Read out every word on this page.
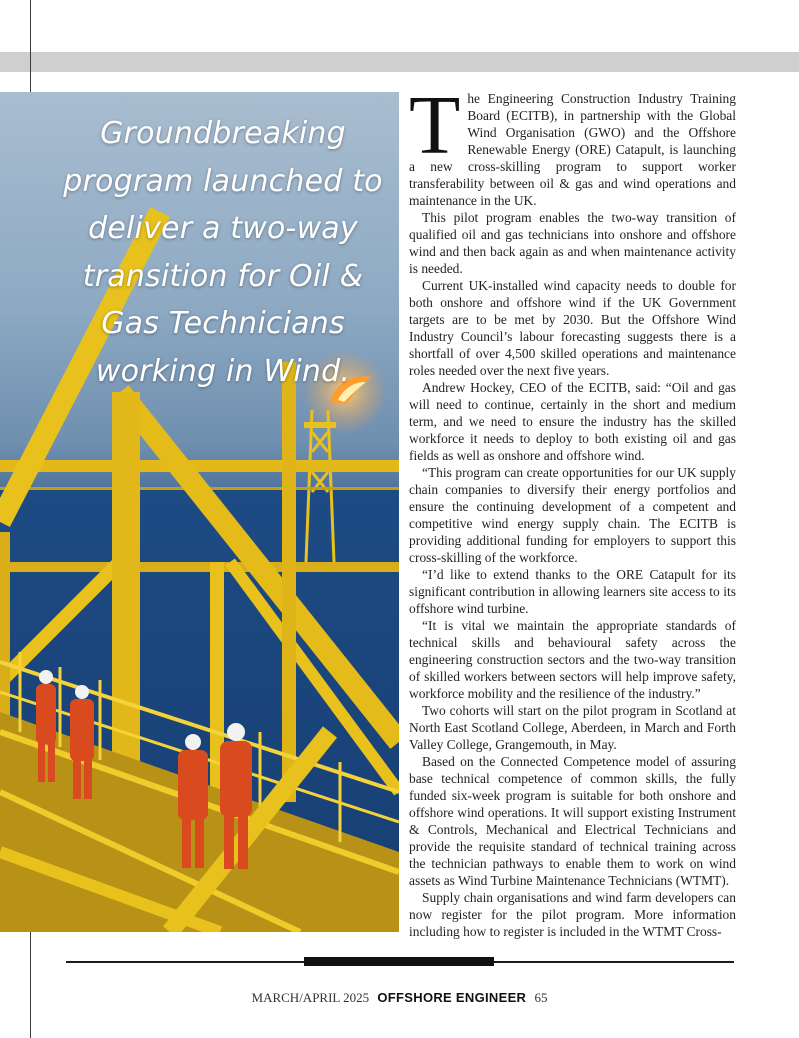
Groundbreaking program launched to deliver a two-way transition for Oil & Gas Technicians working in Wind.

The Engineering Construction Industry Training Board (ECITB), in partnership with the Global Wind Organisation (GWO) and the Offshore Renewable Energy (ORE) Catapult, is launching a new cross-skilling program to support worker transferability between oil & gas and wind operations and maintenance in the UK.

This pilot program enables the two-way transition of qualified oil and gas technicians into onshore and offshore wind and then back again as and when maintenance activity is needed.

Current UK-installed wind capacity needs to double for both onshore and offshore wind if the UK Government targets are to be met by 2030. But the Offshore Wind Industry Council’s labour forecasting suggests there is a shortfall of over 4,500 skilled operations and maintenance roles needed over the next five years.

Andrew Hockey, CEO of the ECITB, said: “Oil and gas will need to continue, certainly in the short and medium term, and we need to ensure the industry has the skilled workforce it needs to deploy to both existing oil and gas fields as well as onshore and offshore wind.

“This program can create opportunities for our UK supply chain companies to diversify their energy portfolios and ensure the continuing development of a competent and competitive wind energy supply chain. The ECITB is providing additional funding for employers to support this cross-skilling of the workforce.

“I’d like to extend thanks to the ORE Catapult for its significant contribution in allowing learners site access to its offshore wind turbine.

“It is vital we maintain the appropriate standards of technical skills and behavioural safety across the engineering construction sectors and the two-way transition of skilled workers between sectors will help improve safety, workforce mobility and the resilience of the industry.”

Two cohorts will start on the pilot program in Scotland at North East Scotland College, Aberdeen, in March and Forth Valley College, Grangemouth, in May.

Based on the Connected Competence model of assuring base technical competence of common skills, the fully funded six-week program is suitable for both onshore and offshore wind operations. It will support existing Instrument & Controls, Mechanical and Electrical Technicians and provide the requisite standard of technical training across the technician pathways to enable them to work on wind assets as Wind Turbine Maintenance Technicians (WTMT).

Supply chain organisations and wind farm developers can now register for the pilot program. More information including how to register is included in the WTMT Cross-

MARCH/APRIL 2025 OFFSHORE ENGINEER 65
